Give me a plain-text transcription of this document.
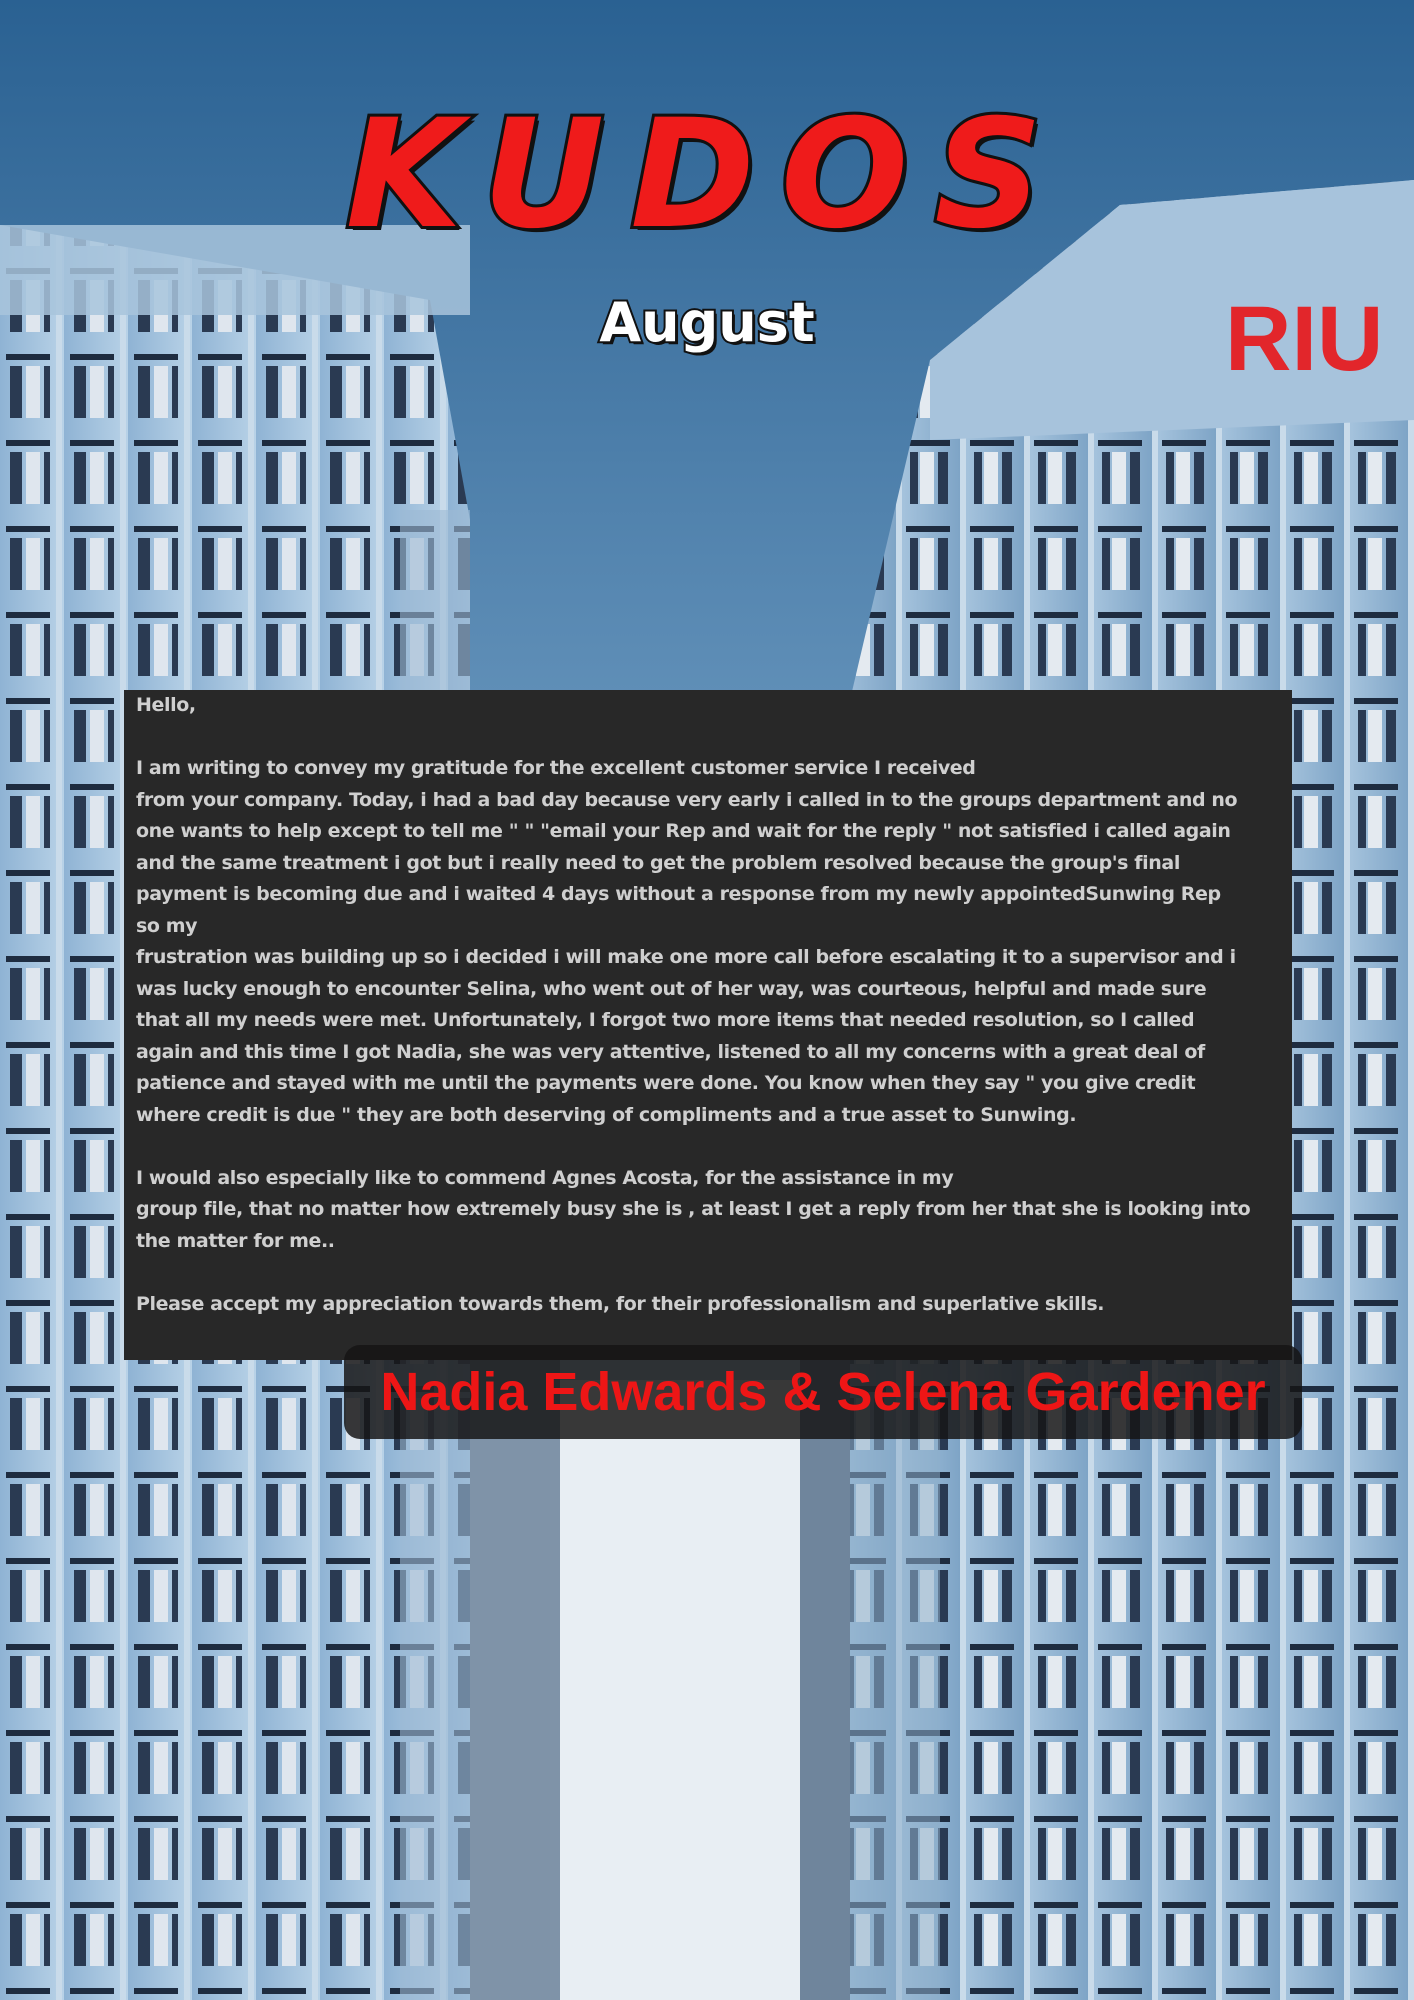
RIU
KUDOS
August

Hello,

I am writing to convey my gratitude for the excellent customer service I received

from your company. Today, i had a bad day because very early i called in to the groups department and no

one wants to help except to tell me " " "email your Rep and wait for the reply " not satisfied i called again

and the same treatment i got but i really need to get the problem resolved because the group's final

payment is becoming due and i waited 4 days without a response from my newly appointedSunwing Rep

so my

frustration was building up so i decided i will make one more call before escalating it to a supervisor and i

was lucky enough to encounter Selina, who went out of her way, was courteous, helpful and made sure

that all my needs were met. Unfortunately, I forgot two more items that needed resolution, so I called

again and this time I got Nadia, she was very attentive, listened to all my concerns with a great deal of

patience and stayed with me until the payments were done. You know when they say " you give credit

where credit is due " they are both deserving of compliments and a true asset to Sunwing.

I would also especially like to commend Agnes Acosta, for the assistance in my

group file, that no matter how extremely busy she is , at least I get a reply from her that she is looking into

the matter for me..

Please accept my appreciation towards them, for their professionalism and superlative skills.

Nadia Edwards & Selena Gardener
